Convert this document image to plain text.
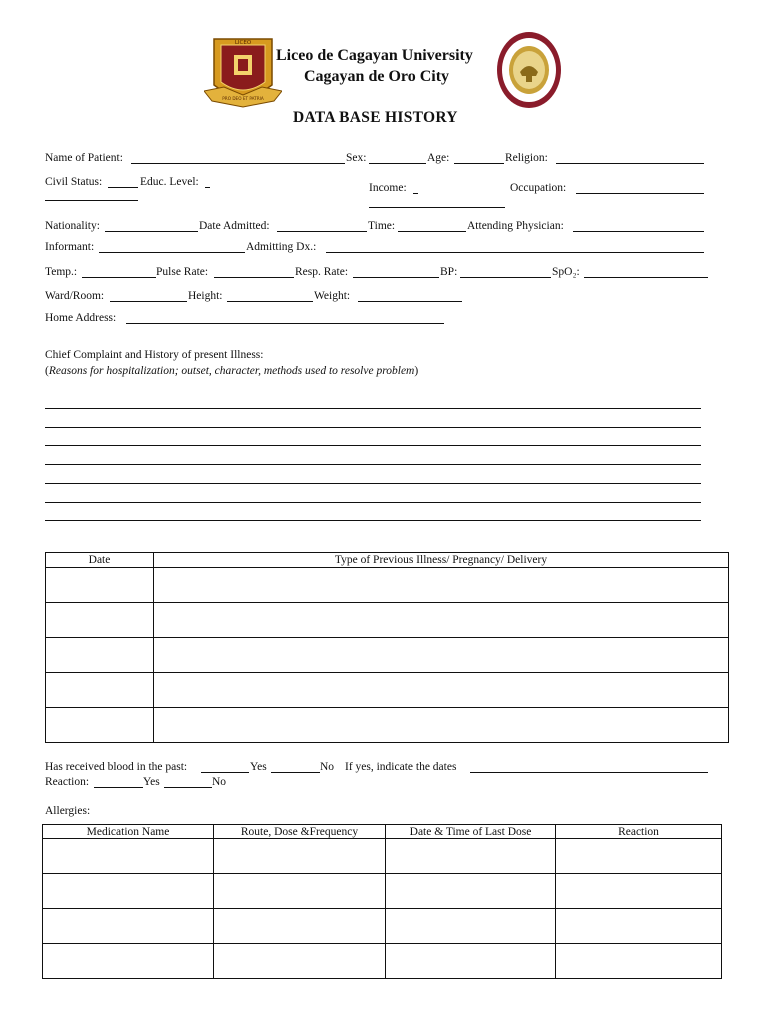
LICEO
PRO DEO ET PATRIA
Liceo de Cagayan University
Cagayan de Oro City
DATA BASE HISTORY
Name of Patient:	Sex:	Age:	Religion:
Civil Status:	Educ. Level:	Income:	Occupation:
Nationality:	Date Admitted:	Time:	Attending Physician:
Informant:	Admitting Dx.:
Temp.:	Pulse Rate:	Resp. Rate:	BP:	SpO₂:
Ward/Room:	Height:	Weight:
Home Address:
Chief Complaint and History of present Illness:
(Reasons for hospitalization; outset, character, methods used to resolve problem)
Date	Type of Previous Illness/ Pregnancy/ Delivery

Has received blood in the past:	Yes	No If yes, indicate the dates
Reaction:	Yes	No
Allergies:
Medication Name	Route, Dose &Frequency	Date & Time of Last Dose	Reaction
